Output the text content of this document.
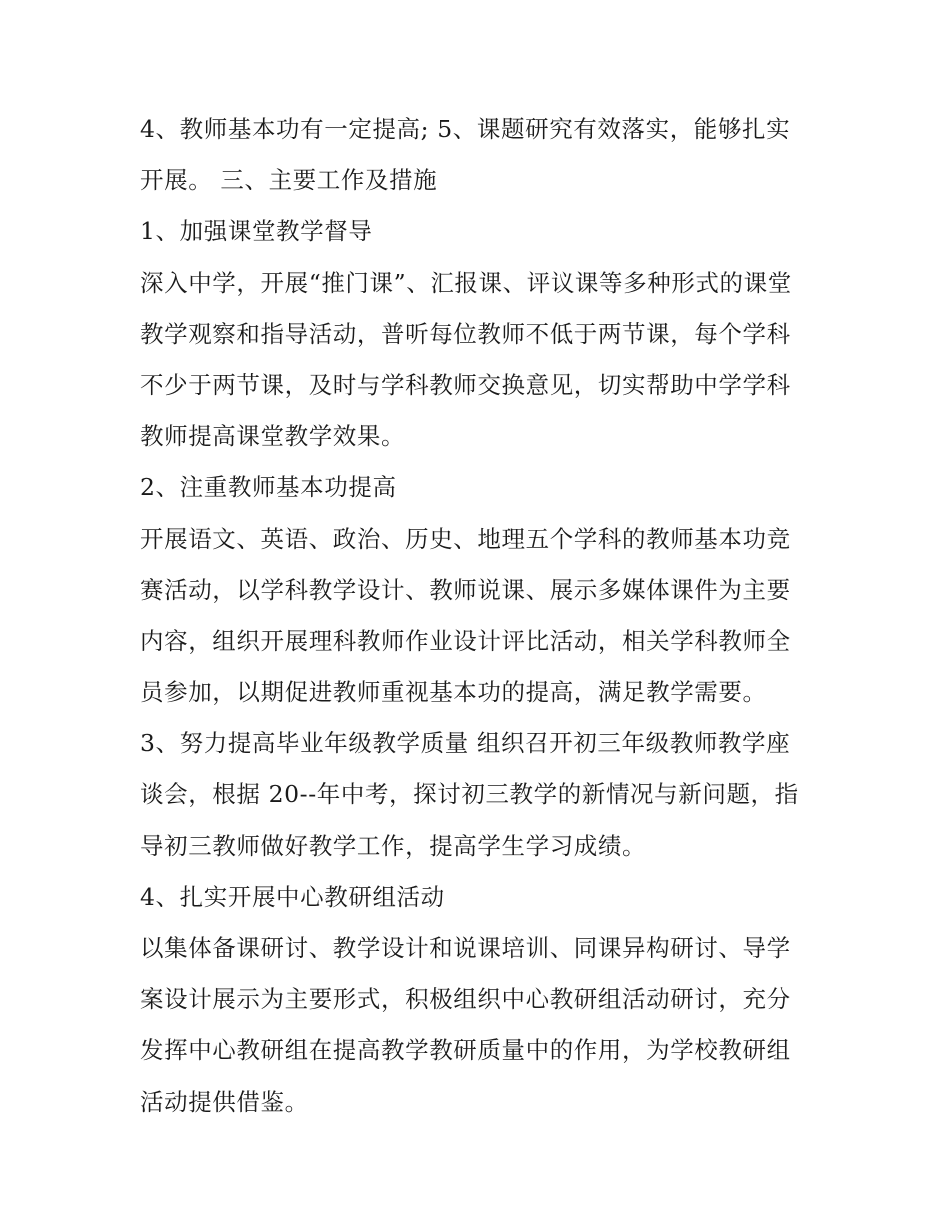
4、教师基本功有一定提高; 5、课题研究有效落实，能够扎实
开展。 三、主要工作及措施
1、加强课堂教学督导
深入中学，开展“推门课”、汇报课、评议课等多种形式的课堂
教学观察和指导活动，普听每位教师不低于两节课，每个学科
不少于两节课，及时与学科教师交换意见，切实帮助中学学科
教师提高课堂教学效果。
2、注重教师基本功提高
开展语文、英语、政治、历史、地理五个学科的教师基本功竞
赛活动，以学科教学设计、教师说课、展示多媒体课件为主要
内容，组织开展理科教师作业设计评比活动，相关学科教师全
员参加，以期促进教师重视基本功的提高，满足教学需要。
3、努力提高毕业年级教学质量 组织召开初三年级教师教学座
谈会，根据 20--年中考，探讨初三教学的新情况与新问题，指
导初三教师做好教学工作，提高学生学习成绩。
4、扎实开展中心教研组活动
以集体备课研讨、教学设计和说课培训、同课异构研讨、导学
案设计展示为主要形式，积极组织中心教研组活动研讨，充分
发挥中心教研组在提高教学教研质量中的作用，为学校教研组
活动提供借鉴。
